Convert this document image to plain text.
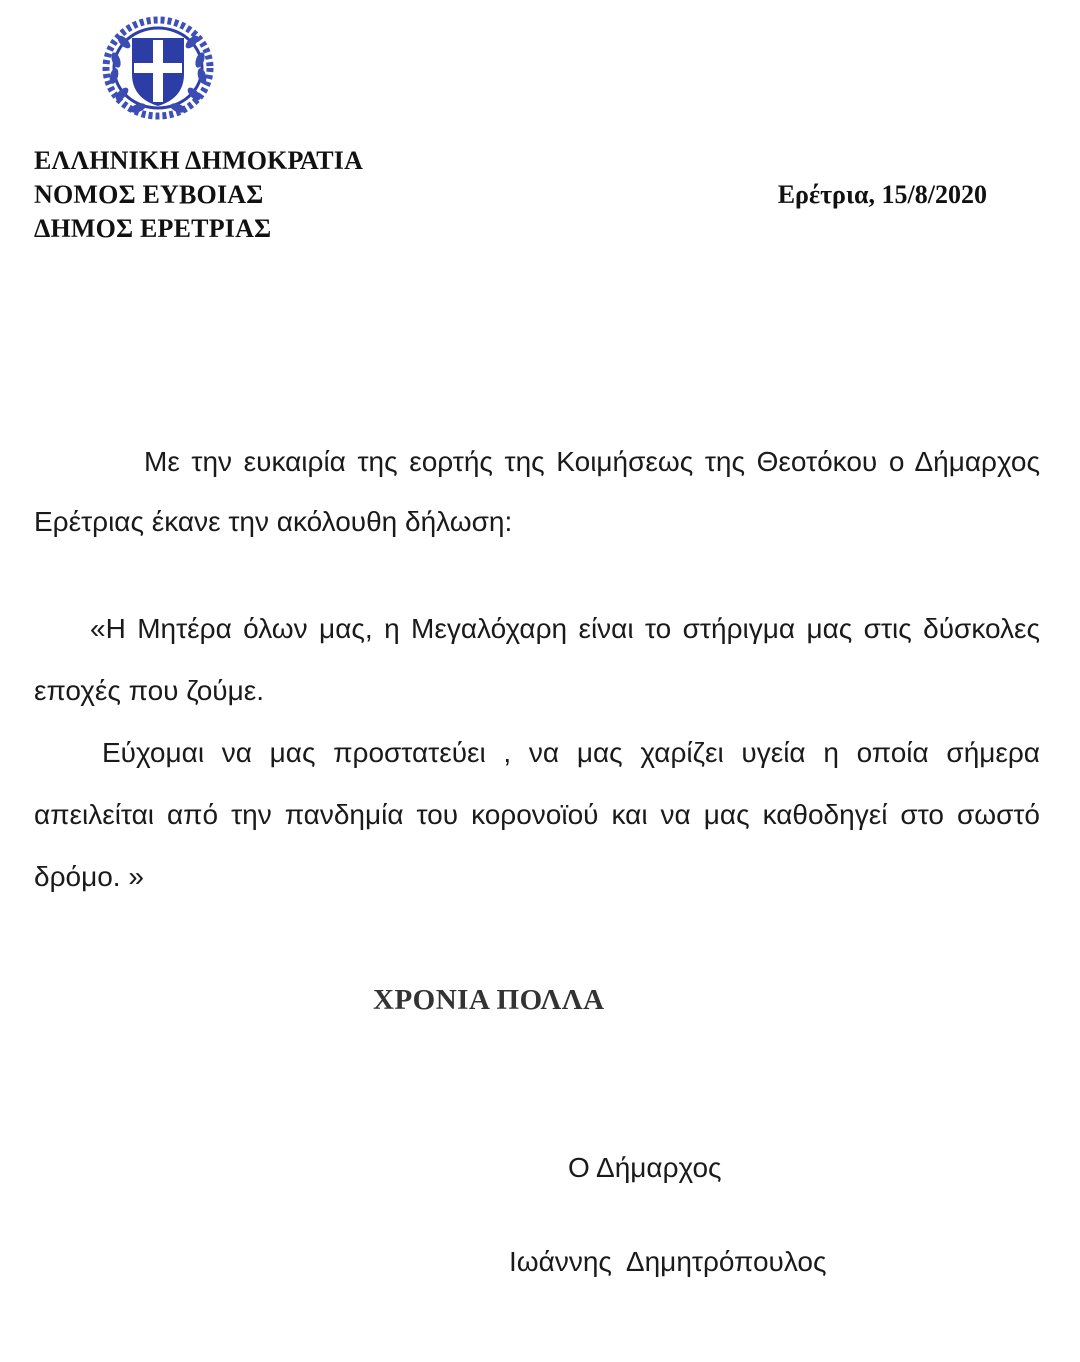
ΕΛΛΗΝΙΚΗ ΔΗΜΟΚΡΑΤΙΑ
ΝΟΜΟΣ ΕΥΒΟΙΑΣ
ΔΗΜΟΣ ΕΡΕΤΡΙΑΣ
Ερέτρια, 15/8/2020

Με την ευκαιρία της εορτής της Κοιμήσεως της Θεοτόκου ο Δήμαρχος Ερέτριας έκανε την ακόλουθη δήλωση:

«Η Μητέρα όλων μας, η Μεγαλόχαρη είναι το στήριγμα μας στις δύσκολες εποχές που ζούμε.

Εύχομαι να μας προστατεύει , να μας χαρίζει υγεία η οποία σήμερα απειλείται από την πανδημία του κορονοϊού και να μας καθοδηγεί στο σωστό δρόμο. »

ΧΡΟΝΙΑ ΠΟΛΛΑ
Ο Δήμαρχος
Ιωάννης  Δημητρόπουλος
